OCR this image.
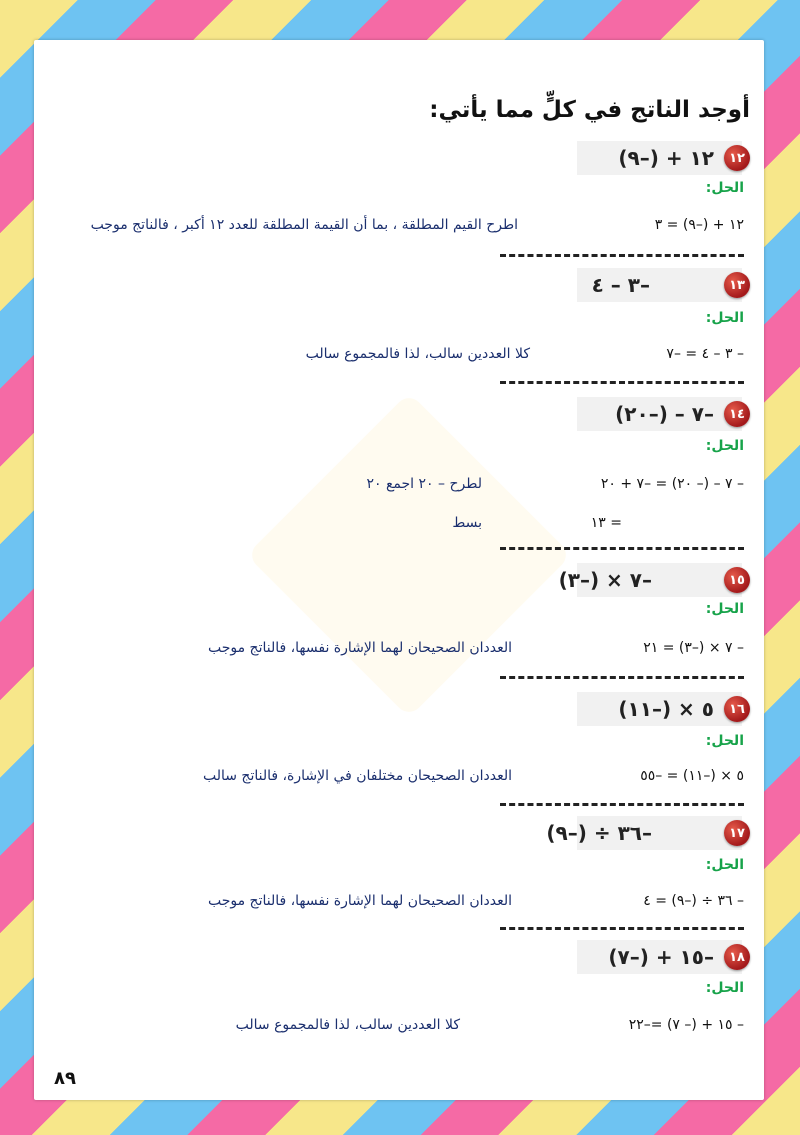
أوجد الناتج في كلٍّ مما يأتي:
١٢
١٢ + (–٩)
الحل:
١٢ + (–٩) = ٣
اطرح القيم المطلقة ، بما أن القيمة المطلقة للعدد ١٢ أكبر ، فالناتج موجب
١٣
–٣ – ٤
الحل:
– ٣ – ٤ = –٧
كلا العددين سالب، لذا فالمجموع سالب
١٤
–٧ – (–٢٠)
الحل:
– ٧ – (– ٢٠) = –٧ + ٢٠
لطرح – ٢٠ اجمع ٢٠
= ١٣
بسط
١٥
–٧ × (–٣)
الحل:
– ٧ × (–٣) = ٢١
العددان الصحيحان لهما الإشارة نفسها، فالناتج موجب
١٦
٥ × (–١١)
الحل:
٥ × (–١١) = –٥٥
العددان الصحيحان مختلفان في الإشارة، فالناتج سالب
١٧
–٣٦ ÷ (–٩)
الحل:
– ٣٦ ÷ (–٩) = ٤
العددان الصحيحان لهما الإشارة نفسها، فالناتج موجب
١٨
–١٥ + (–٧)
الحل:
– ١٥ + (– ٧) =–٢٢
كلا العددين سالب، لذا فالمجموع سالب
٨٩
